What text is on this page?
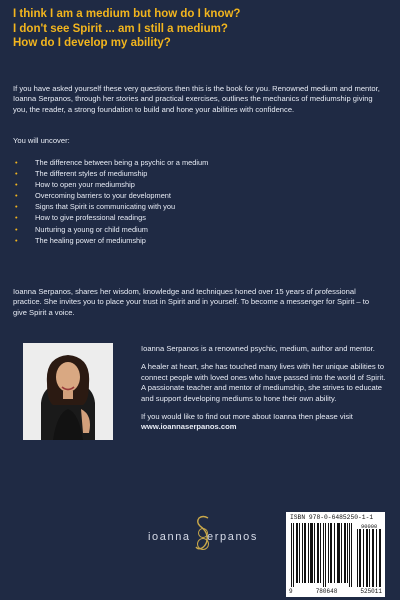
I think I am a medium but how do I know?
I don't see Spirit ... am I still a medium?
How do I develop my ability?
If you have asked yourself these very questions then this is the book for you. Renowned medium and mentor, Ioanna Serpanos, through her stories and practical exercises, outlines the mechanics of mediumship giving you, the reader, a strong foundation to build and hone your abilities with confidence.
You will uncover:
• The difference between being a psychic or a medium
• The different styles of mediumship
• How to open your mediumship
• Overcoming barriers to your development
• Signs that Spirit is communicating with you
• How to give professional readings
• Nurturing a young or child medium
• The healing power of mediumship
Ioanna Serpanos, shares her wisdom, knowledge and techniques honed over 15 years of professional practice. She invites you to place your trust in Spirit and in yourself. To become a messenger for Spirit – to give Spirit a voice.

Ioanna Serpanos is a renowned psychic, medium, author and mentor.

A healer at heart, she has touched many lives with her unique abilities to connect people with loved ones who have passed into the world of Spirit. A passionate teacher and mentor of mediumship, she strives to educate and support developing mediums to hone their own ability.

If you would like to find out more about Ioanna then please visit
www.ioannaserpanos.com

ioanna erpanos
ISBN 978-0-6485250-1-1
90000
9	780648	525011
